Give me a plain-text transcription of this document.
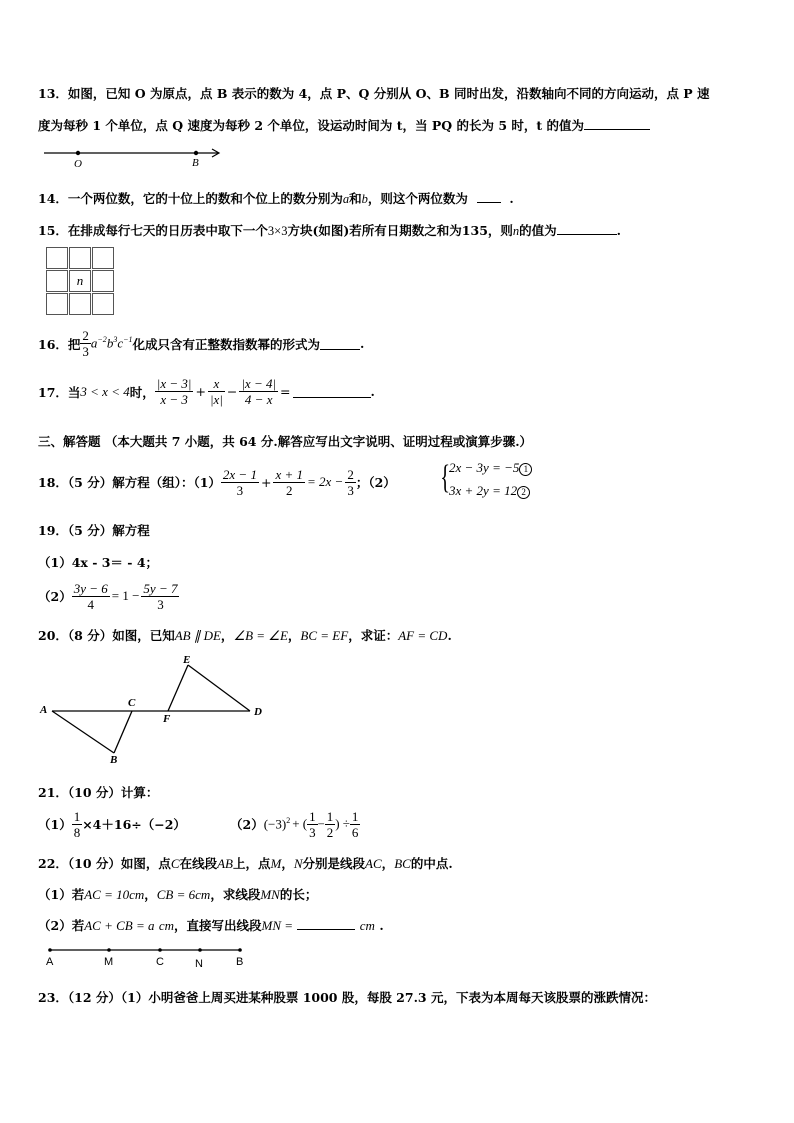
13．如图，已知 O 为原点，点 B 表示的数为 4，点 P、Q 分别从 O、B 同时出发，沿数轴向不同的方向运动，点 P 速
度为每秒 1 个单位，点 Q 速度为每秒 2 个单位，设运动时间为 t，当 PQ 的长为 5 时，t 的值为
O	B
14．一个两位数，它的十位上的数和个位上的数分别为a和b，则这个两位数为	.
15．在排成每行七天的日历表中取下一个3×3方块(如图)若所有日期数之和为135，则n的值为	.
n
16．把 $\frac{2}{3} a^{-2}b^3c^{-1}$ 化成只含有正整数指数幂的形式为	.
17．当 3 < x < 4 时， $\frac{|x - 3|}{x - 3} + \frac{x}{|x|} - \frac{|x - 4|}{4 - x}$ =	.
三、解答题 （本大题共 7 小题，共 64 分.解答应写出文字说明、证明过程或演算步骤.）
18．（5 分）解方程（组）：$(1) \frac{2x - 1}{3} + \frac{x + 1}{2} = 2x - \frac{2}{3}$ ；（2） {
2x − 3y = −5 1
3x + 2y = 12 2
19．（5 分）解方程
（1）4x - 3＝ - 4；
$(2) \frac{3y - 6}{4} = 1 - \frac{5y - 7}{3}$
20．（8 分）如图，已知AB ∥ DE，∠B = ∠E，BC = EF，求证：AF = CD.
A
B
C
D
E
F
21．（10 分）计算：
$(1) \frac{1}{8} \times 4+16\div(-2)$	（2） $(-3)^2$ + ( $\frac{1}{3} - \frac{1}{2}$ ) ÷ $\frac{1}{6}$
22．（10 分）如图，点C在线段AB上，点M，N分别是线段AC，BC的中点.
（1）若AC = 10cm，CB = 6cm，求线段MN的长；
（2）若AC + CB = a cm，直接写出线段MN =	cm .
A	M	C	N	B
23．（12 分）（1）小明爸爸上周买进某种股票 1000 股，每股 27.3 元，下表为本周每天该股票的涨跌情况：
